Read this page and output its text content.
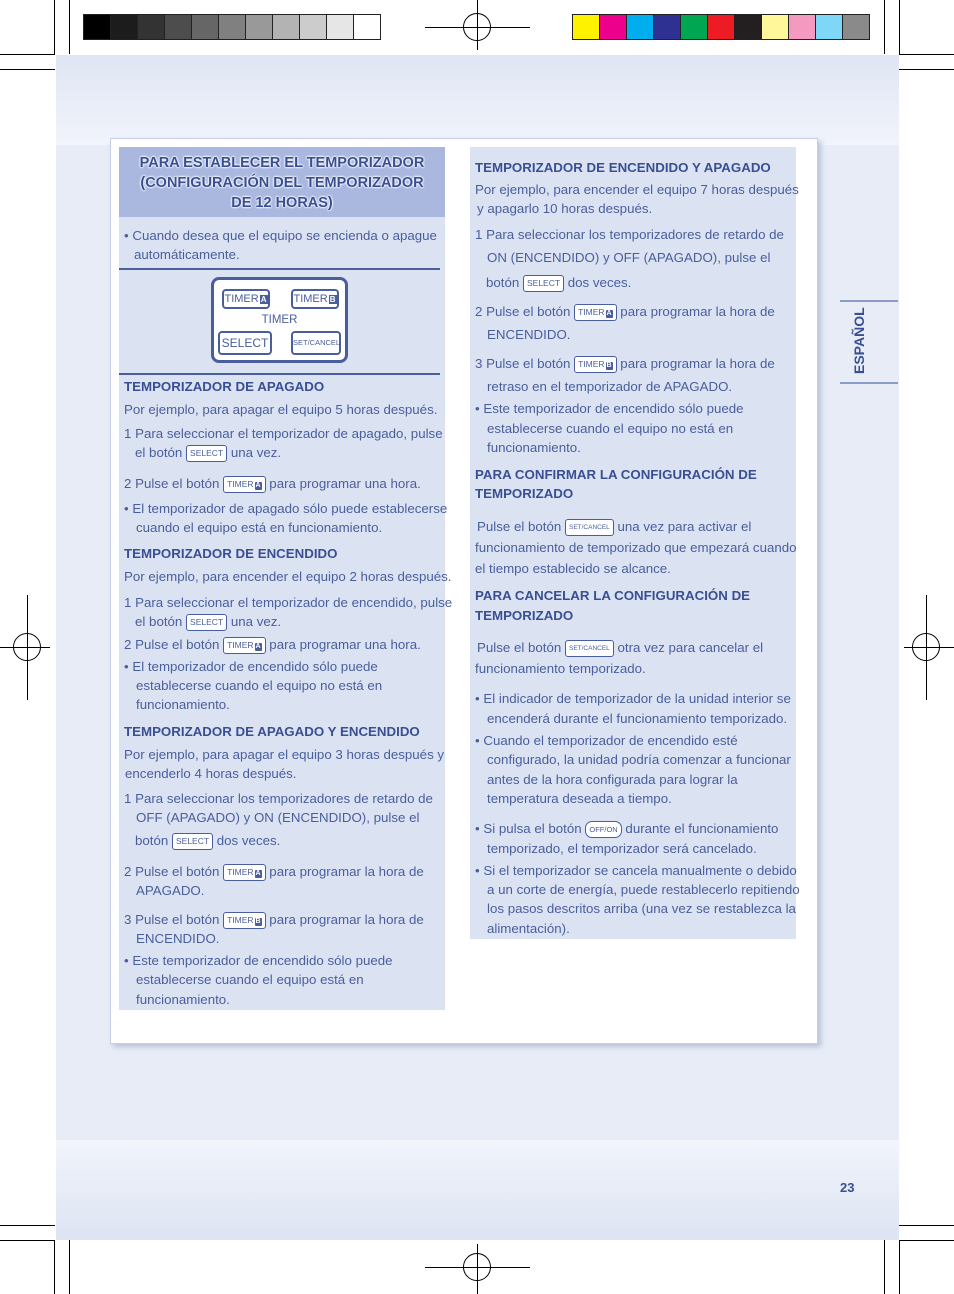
ESPAÑOL
23
PARA ESTABLECER EL TEMPORIZADOR
(CONFIGURACIÓN DEL TEMPORIZADOR
DE 12 HORAS)
• Cuando desea que el equipo se encienda o apague
automáticamente.
TIMER A	TIMER B
TIMER
SELECT	SET/CANCEL
TEMPORIZADOR DE APAGADO
Por ejemplo, para apagar el equipo 5 horas después.
1 Para seleccionar el temporizador de apagado, pulse
el botón SELECT una vez.
2 Pulse el botón TIMER A para programar una hora.
• El temporizador de apagado sólo puede establecerse
cuando el equipo está en funcionamiento.
TEMPORIZADOR DE ENCENDIDO
Por ejemplo, para encender el equipo 2 horas después.
1 Para seleccionar el temporizador de encendido, pulse
el botón SELECT una vez.
2 Pulse el botón TIMER A para programar una hora.
• El temporizador de encendido sólo puede
establecerse cuando el equipo no está en
funcionamiento.
TEMPORIZADOR DE APAGADO Y ENCENDIDO
Por ejemplo, para apagar el equipo 3 horas después y
encenderlo 4 horas después.
1 Para seleccionar los temporizadores de retardo de
OFF (APAGADO) y ON (ENCENDIDO), pulse el
botón SELECT dos veces.
2 Pulse el botón TIMER A para programar la hora de
APAGADO.
3 Pulse el botón TIMER B para programar la hora de
ENCENDIDO.
• Este temporizador de encendido sólo puede
establecerse cuando el equipo está en
funcionamiento.
TEMPORIZADOR DE ENCENDIDO Y APAGADO
Por ejemplo, para encender el equipo 7 horas después
y apagarlo 10 horas después.
1 Para seleccionar los temporizadores de retardo de
ON (ENCENDIDO) y OFF (APAGADO), pulse el
botón SELECT dos veces.
2 Pulse el botón TIMER A para programar la hora de
ENCENDIDO.
3 Pulse el botón TIMER B para programar la hora de
retraso en el temporizador de APAGADO.
• Este temporizador de encendido sólo puede
establecerse cuando el equipo no está en
funcionamiento.
PARA CONFIRMAR LA CONFIGURACIÓN DE
TEMPORIZADO
Pulse el botón SET/CANCEL una vez para activar el
funcionamiento de temporizado que empezará cuando
el tiempo establecido se alcance.
PARA CANCELAR LA CONFIGURACIÓN DE
TEMPORIZADO
Pulse el botón SET/CANCEL otra vez para cancelar el
funcionamiento temporizado.
• El indicador de temporizador de la unidad interior se
encenderá durante el funcionamiento temporizado.
• Cuando el temporizador de encendido esté
configurado, la unidad podría comenzar a funcionar
antes de la hora configurada para lograr la
temperatura deseada a tiempo.
• Si pulsa el botón OFF/ON durante el funcionamiento
temporizado, el temporizador será cancelado.
• Si el temporizador se cancela manualmente o debido
a un corte de energía, puede restablecerlo repitiendo
los pasos descritos arriba (una vez se restablezca la
alimentación).
